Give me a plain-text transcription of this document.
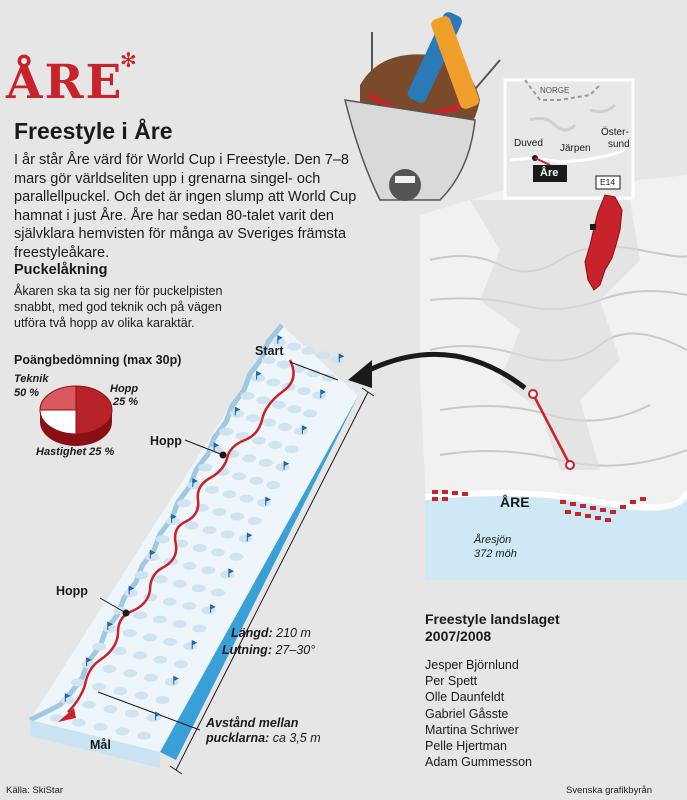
ÅRE
✻
Freestyle i Åre

I år står Åre värd för World Cup i Freestyle. Den 7–8 mars gör världseliten upp i grenarna singel- och parallellpuckel. Och det är ingen slump att World Cup hamnat i just Åre. Åre har sedan 80-talet varit den självklara hemvisten för många av Sveriges främsta freestyleåkare.

Puckelåkning

Åkaren ska ta sig ner för puckelpisten snabbt, med god teknik och på vägen utföra två hopp av olika karaktär.

Poängbedömning (max 30p)
Teknik
50 %	Hopp
25 %
Hastighet 25 %
Start
Hopp
Hopp
Mål
Längd: 210 m
Lutning: 27–30°
Avstånd mellan
pucklarna: ca 3,5 m
NORGE
Duved Järpen
Öster-
sund
Åre
E14
ÅRE
Åresjön
372 möh
Freestyle landslaget
2007/2008
Jesper Björnlund
Per Spett
Olle Daunfeldt
Gabriel Gåsste
Martina Schriwer
Pelle Hjertman
Adam Gummesson
Källa: SkiStar	Svenska grafikbyrån
